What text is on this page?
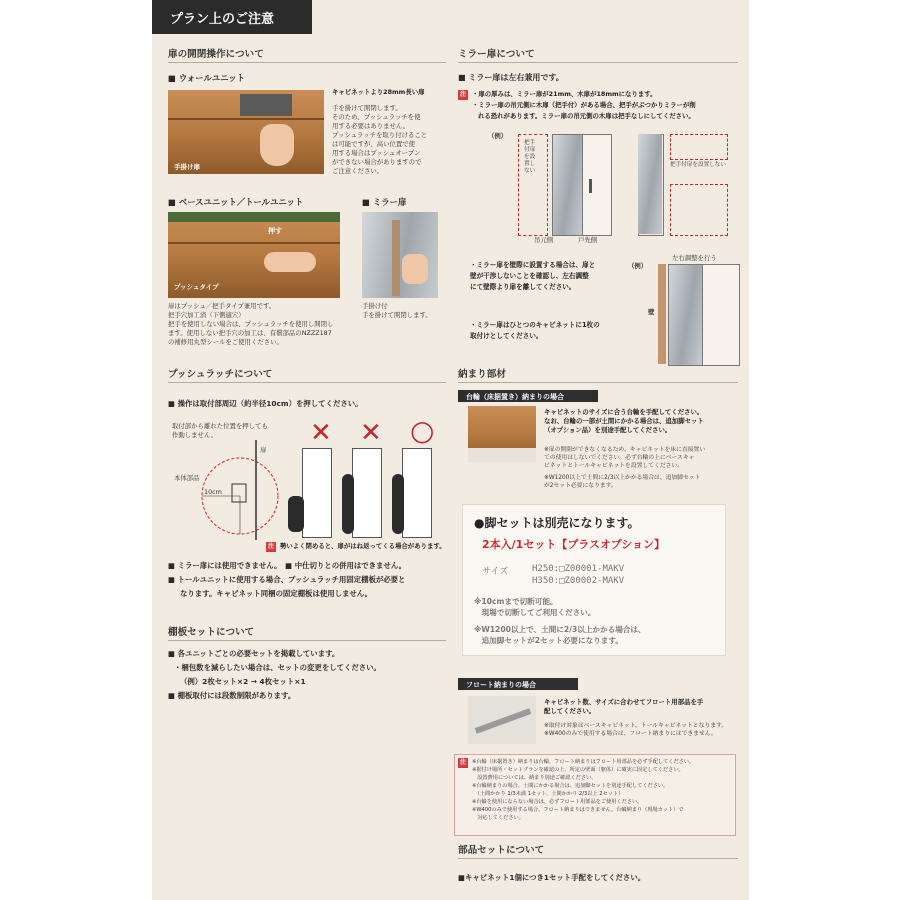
プラン上のご注意
扉の開閉操作について
■ ウォールユニット
手掛け扉
キャビネットより28mm長い扉
手を掛けて開閉します。
そのため、プッシュラッチを使
用する必要はありません。
プッシュラッチを取り付けること
は可能ですが、高い位置で使
用する場合はプッシュオープン
ができない場合がありますので
ご注意ください。
■ ベースユニット／トールユニット
押す
プッシュタイプ
■ ミラー扉
扉はプッシュ／把手タイプ兼用です。
把手穴加工済（下側適穴）
把手を使用しない場合は、プッシュラッチを使用し開閉し
ます。使用しない把手穴の加工は、有償部品のNZZZ187
の補修用丸型シールをご使用ください。
手掛け付
手を掛けて開閉します。
プッシュラッチについて
■ 操作は取付部周辺（約半径10cm）を押してください。
取付部から離れた位置を押しても
作動しません。
本体部品
扉
10cm
✕ ✕ ○
注 勢いよく閉めると、扉がはね返ってくる場合があります。
■ ミラー扉には使用できません。　■ 中仕切りとの併用はできません。
■ トールユニットに使用する場合、プッシュラッチ用固定棚板が必要と
なります。キャビネット同梱の固定棚板は使用しません。
棚板セットについて
■ 各ユニットごとの必要セットを掲載しています。
・梱包数を減らしたい場合は、セットの変更をしてください。
（例）2枚セット×2 → 4枚セット×1
■ 棚板取付には段数制限があります。
ミラー扉について
■ ミラー扉は左右兼用です。
注 ・扉の厚みは、ミラー扉が21mm、木扉が18mmになります。
・ミラー扉の吊元側に木扉（把手付）がある場合、把手がぶつかりミラーが削
れる恐れがあります。ミラー扉の吊元側の木扉は把手なしにしてください。
（例）
把手付扉を設置しない
把手付扉を設置しない
吊元側	戸先側
・ミラー扉を壁際に設置する場合は、扉と
壁が干渉しないことを確認し、左右調整
にて壁際より扉を離してください。
（例）
左右調整を行う
壁
・ミラー扉はひとつのキャビネットに1枚の
取付けとしてください。
納まり部材
台輪（床据置き）納まりの場合
キャビネットのサイズに合う台輪を手配してください。
なお、台輪の一部が土間にかかる場合は、追加脚セット
（オプション品）を別途手配してください。
※扉の開閉ができなくなるため、キャビネットを床に直接置い
ての使用はしないでください。必ず台輪の上にベースキャ
ビネットとトールキャビネットを設置してください。
※W1200以上で土間に2/3以上かかる場合は、追加脚セット
が2セット必要になります。
●脚セットは別売になります。
2本入/1セット【プラスオプション】
サイズ	H250:□Z00001-MAKV
H350:□Z00002-MAKV
※10cmまで切断可能。
　現場で切断してご利用ください。
※W1200以上で、土間に2/3以上かかる場合は、
　追加脚セットが2セット必要になります。
フロート納まりの場合
キャビネット数、サイズに合わせてフロート用部品を手
配してください。
※取付け対象はベースキャビネット、トールキャビネットとなります。
※W400のみで使用する場合は、フロート納まりにはできません。
注	※台輪（床据置き）納まりは台輪、フロート納まりはフロート用部品を必ず手配してください。
※据付け場所・セットプランを確認の上、所定の壁面（躯体）に確実に固定してください。
　設置費用については、納まり別途ご確認ください。
※台輪納まりの場合、土間にかかる場合は、追加脚セットを別途手配してください。
　（土間かかり 1/3未満 1セット、土間かかり 2/3以上 2セット）
※台輪を使用にならない場合は、必ずフロート用部品をご使用ください。
※W400のみで使用する場合、フロート納まりはできません。台輪納まり（現場カット）で
　対応してください。
部品セットについて
■キャビネット1個につき1セット手配をしてください。
